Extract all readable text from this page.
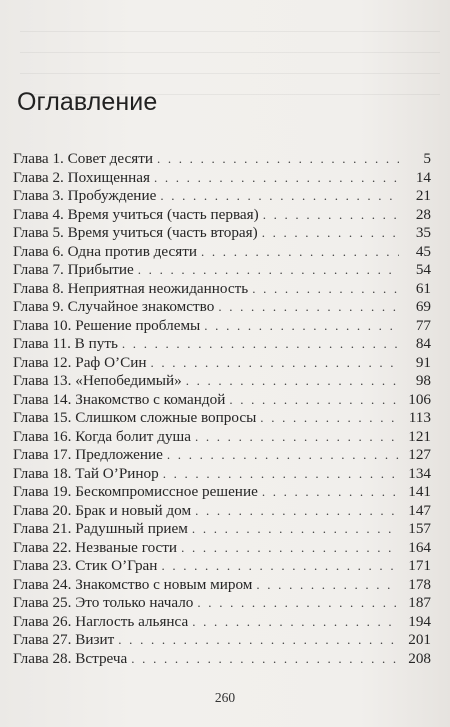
Оглавление
Глава 1. Совет десяти . . .	5
Глава 2. Похищенная . . .	14
Глава 3. Пробуждение . . .	21
Глава 4. Время учиться (часть первая) . . .	28
Глава 5. Время учиться (часть вторая) . . .	35
Глава 6. Одна против десяти . . .	45
Глава 7. Прибытие . . .	54
Глава 8. Неприятная неожиданность . . .	61
Глава 9. Случайное знакомство . . .	69
Глава 10. Решение проблемы . . .	77
Глава 11. В путь . . .	84
Глава 12. Раф О’Син . . .	91
Глава 13. «Непобедимый» . . .	98
Глава 14. Знакомство с командой . . .	106
Глава 15. Слишком сложные вопросы . . .	113
Глава 16. Когда болит душа . . .	121
Глава 17. Предложение . . .	127
Глава 18. Тай О’Ринор . . .	134
Глава 19. Бескомпромиссное решение . . .	141
Глава 20. Брак и новый дом . . .	147
Глава 21. Радушный прием . . .	157
Глава 22. Незваные гости . . .	164
Глава 23. Стик О’Гран . . .	171
Глава 24. Знакомство с новым миром . . .	178
Глава 25. Это только начало . . .	187
Глава 26. Наглость альянса . . .	194
Глава 27. Визит . . .	201
Глава 28. Встреча . . .	208
260
